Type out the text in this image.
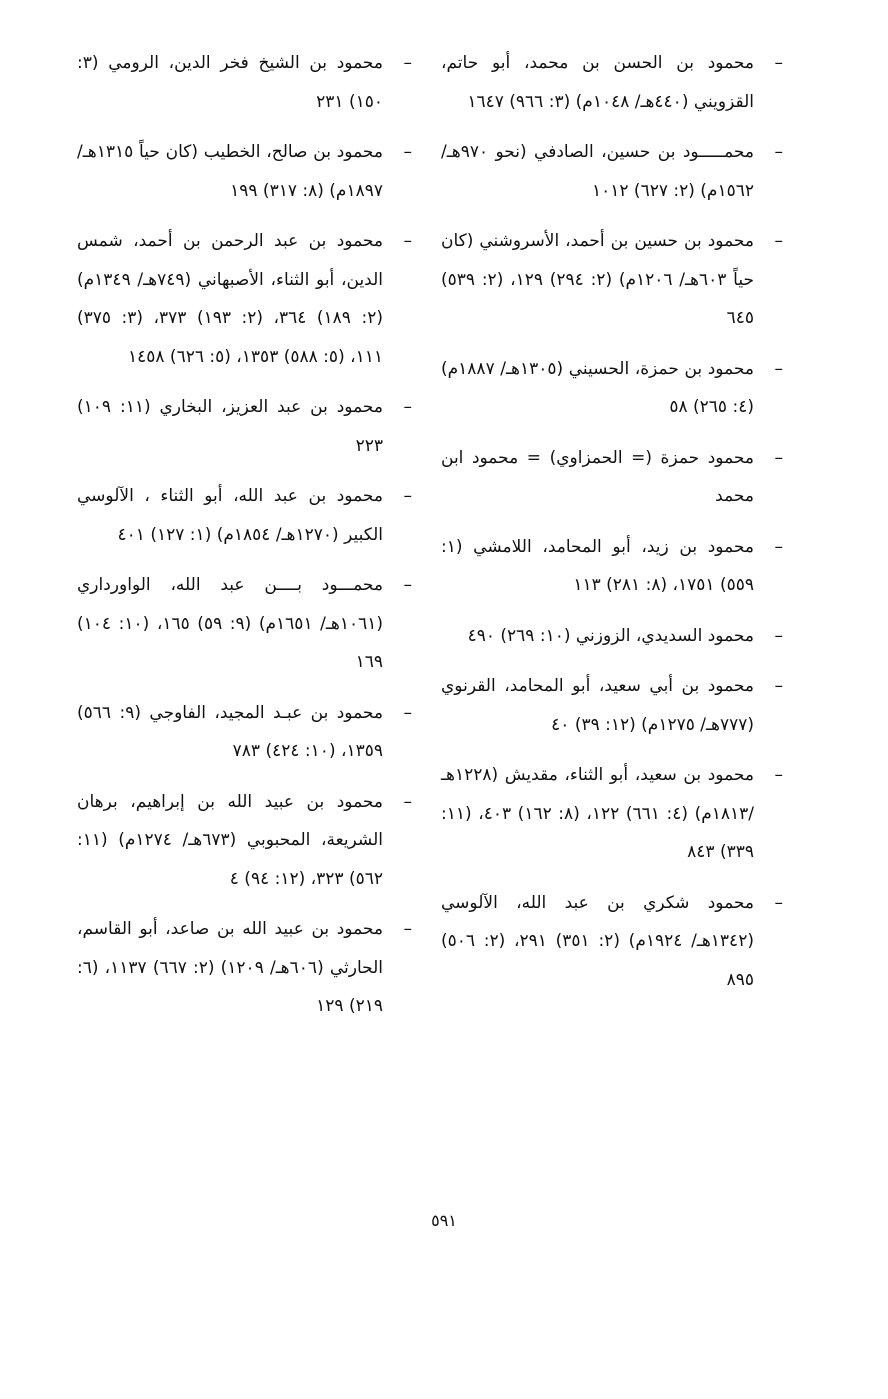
–
محمود بن الحسن بن محمد، أبو حاتم، القزويني (٤٤٠هـ/ ١٠٤٨م) (٣: ٩٦٦) ١٦٤٧
–
محمـــــود بن حسين، الصادفي (نحو ٩٧٠هـ/ ١٥٦٢م) (٢: ٦٢٧) ١٠١٢
–
محمود بن حسين بن أحمد، الأسروشني (كان حياً ٦٠٣هـ/ ١٢٠٦م) (٢: ٢٩٤) ١٢٩، (٢: ٥٣٩) ٦٤٥
–
محمود بن حمزة، الحسيني (١٣٠٥هـ/ ١٨٨٧م) (٤: ٢٦٥) ٥٨
–
محمود حمزة (= الحمزاوي) = محمود ابن محمد
–
محمود بن زيد، أبو المحامد، اللامشي (١: ٥٥٩) ١٧٥١، (٨: ٢٨١) ١١٣
–
محمود السديدي، الزوزني (١٠: ٢٦٩) ٤٩٠
–
محمود بن أبي سعيد، أبو المحامد، القرنوي (٧٧٧هـ/ ١٢٧٥م) (١٢: ٣٩) ٤٠
–
محمود بن سعيد، أبو الثناء، مقديش (١٢٢٨هـ /١٨١٣م) (٤: ٦٦١) ١٢٢، (٨: ١٦٢) ٤٠٣، (١١: ٣٣٩) ٨٤٣
–
محمود شكري بن عبد الله، الآلوسي (١٣٤٢هـ/ ١٩٢٤م) (٢: ٣٥١) ٢٩١، (٢: ٥٠٦) ٨٩٥
–
محمود بن الشيخ فخر الدين، الرومي (٣: ١٥٠) ٢٣١
–
محمود بن صالح، الخطيب (كان حياً ١٣١٥هـ/ ١٨٩٧م) (٨: ٣١٧) ١٩٩
–
محمود بن عبد الرحمن بن أحمد، شمس الدين، أبو الثناء، الأصبهاني (٧٤٩هـ/ ١٣٤٩م) (٢: ١٨٩) ٣٦٤، (٢: ١٩٣) ٣٧٣، (٣: ٣٧٥) ١١١، (٥: ٥٨٨) ١٣٥٣، (٥: ٦٢٦) ١٤٥٨
–
محمود بن عبد العزيز، البخاري (١١: ١٠٩) ٢٢٣
–
محمود بن عبد الله، أبو الثناء ، الآلوسي الكبير (١٢٧٠هـ/ ١٨٥٤م) (١: ١٢٧) ٤٠١
–
محمـــود بــــن عبد الله، الواورداري (١٠٦١هـ/ ١٦٥١م) (٩: ٥٩) ١٦٥، (١٠: ١٠٤) ١٦٩
–
محمود بن عبـد المجيد، الفاوجي (٩: ٥٦٦) ١٣٥٩، (١٠: ٤٢٤) ٧٨٣
–
محمود بن عبيد الله بن إبراهيم، برهان الشريعة، المحبوبي (٦٧٣هـ/ ١٢٧٤م) (١١: ٥٦٢) ٣٢٣، (١٢: ٩٤) ٤
–
محمود بن عبيد الله بن صاعد، أبو القاسم، الحارثي (٦٠٦هـ/ ١٢٠٩) (٢: ٦٦٧) ١١٣٧، (٦: ٢١٩) ١٢٩
٥٩١
